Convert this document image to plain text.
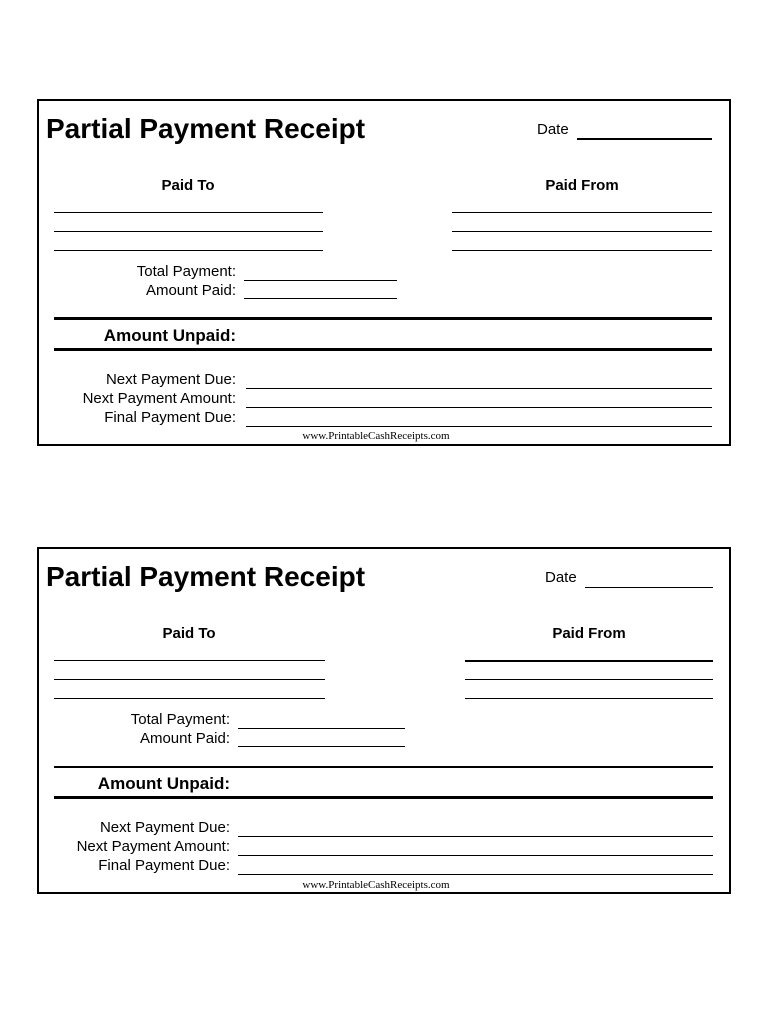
Partial Payment Receipt	Date
Paid To	Paid From
Total Payment:
Amount Paid:
Amount Unpaid:
Next Payment Due:
Next Payment Amount:
Final Payment Due:
www.PrintableCashReceipts.com
Partial Payment Receipt	Date
Paid To	Paid From
Total Payment:
Amount Paid:
Amount Unpaid:
Next Payment Due:
Next Payment Amount:
Final Payment Due:
www.PrintableCashReceipts.com
